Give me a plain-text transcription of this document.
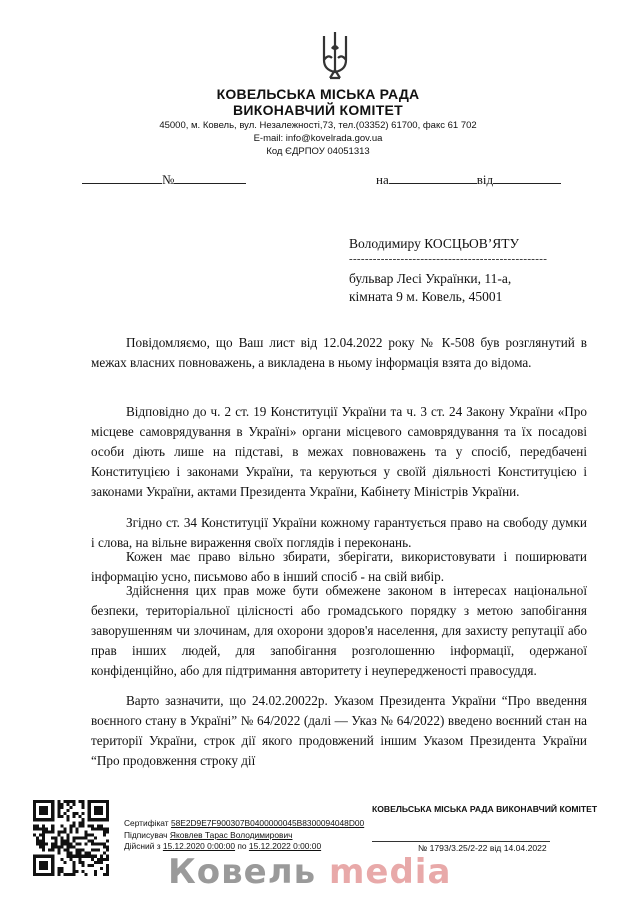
КОВЕЛЬСЬКА МІСЬКА РАДА
ВИКОНАВЧИЙ КОМІТЕТ
45000, м. Ковель, вул. Незалежності,73, тел.(03352) 61700, факс 61 702
E-mail: info@kovelrada.gov.ua
Код ЄДРПОУ 04051313
№	на	від
Володимиру КОСЦЬОВ’ЯТУ
--------------------------------------------------
бульвар Лесі Українки, 11-а,
кімната 9 м. Ковель, 45001
Повідомляємо, що Ваш лист від 12.04.2022 року № К-508 був розглянутий в межах власних повноважень, а викладена в ньому інформація взята до відома.
Відповідно до ч. 2 ст. 19 Конституції України та ч. 3 ст. 24 Закону України «Про місцеве самоврядування в Україні» органи місцевого самоврядування та їх посадові особи діють лише на підставі, в межах повноважень та у спосіб, передбачені Конституцією і законами України, та керуються у своїй діяльності Конституцією і законами України, актами Президента України, Кабінету Міністрів України.
Згідно ст. 34 Конституції України кожному гарантується право на свободу думки і слова, на вільне вираження своїх поглядів і переконань.
Кожен має право вільно збирати, зберігати, використовувати і поширювати інформацію усно, письмово або в інший спосіб - на свій вибір.
Здійснення цих прав може бути обмежене законом в інтересах національної безпеки, територіальної цілісності або громадського порядку з метою запобігання заворушенням чи злочинам, для охорони здоров'я населення, для захисту репутації або прав інших людей, для запобігання розголошенню інформації, одержаної конфіденційно, або для підтримання авторитету і неупередженості правосуддя.
Варто зазначити, що 24.02.20022р. Указом Президента України “Про введення воєнного стану в Україні” № 64/2022 (далі — Указ № 64/2022) введено воєнний стан на території України, строк дії якого продовжений іншим Указом Президента України “Про продовження строку дії
Сертифікат 58E2D9E7F900307B0400000045B8300094048D00
Підписувач Яковлев Тарас Володимирович
Дійсний з 15.12.2020 0:00:00 по 15.12.2022 0:00:00
КОВЕЛЬСЬКА МІСЬКА РАДА ВИКОНАВЧИЙ КОМІТЕТ
№ 1793/3.25/2-22 від 14.04.2022
Ковель media
